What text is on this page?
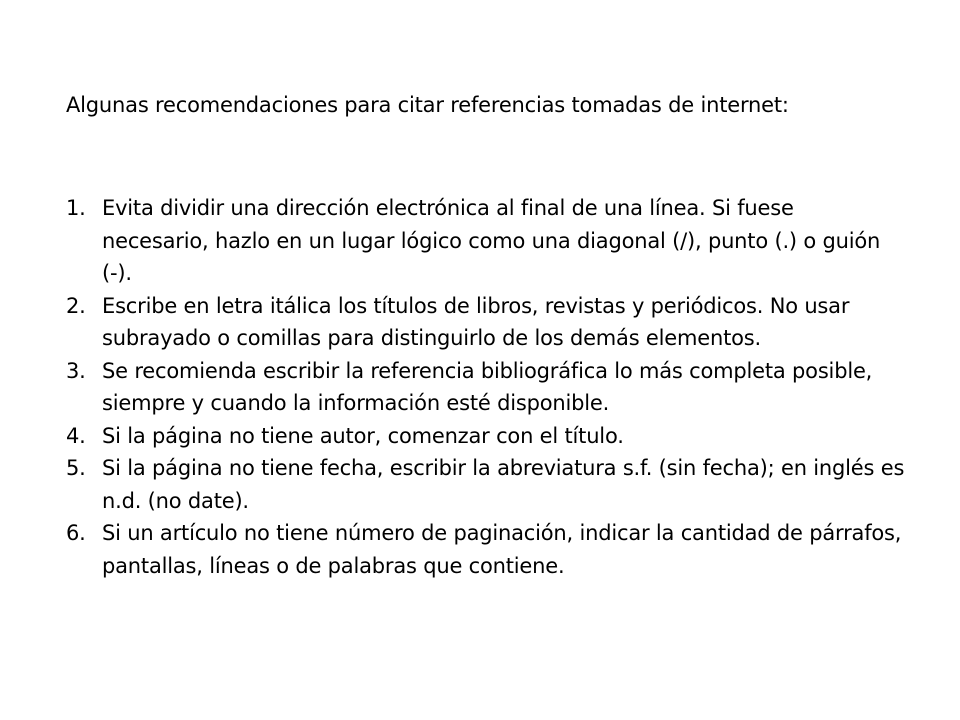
Algunas recomendaciones para citar referencias tomadas de internet:
1. Evita dividir una dirección electrónica al final de una línea. Si fuese necesario, hazlo en un lugar lógico como una diagonal (/), punto (.) o guión (-).
2. Escribe en letra itálica los títulos de libros, revistas y periódicos. No usar subrayado o comillas para distinguirlo de los demás elementos.
3. Se recomienda escribir la referencia bibliográfica lo más completa posible, siempre y cuando la información esté disponible.
4. Si la página no tiene autor, comenzar con el título.
5. Si la página no tiene fecha, escribir la abreviatura s.f. (sin fecha); en inglés es n.d. (no date).
6. Si un artículo no tiene número de paginación, indicar la cantidad de párrafos, pantallas, líneas o de palabras que contiene.
